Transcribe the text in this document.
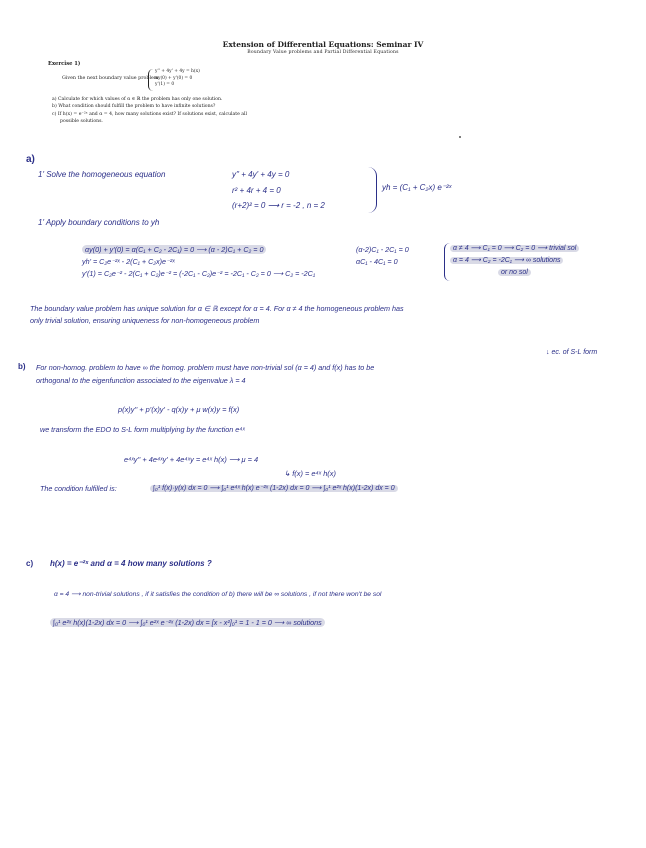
Extension of Differential Equations: Seminar IV
Boundary Value problems and Partial Differential Equations
Exercise 1)
Given the next boundary value problem
y'' + 4y' + 4y = h(x)
αy(0) + y'(0) = 0
y'(1) = 0
a) Calculate for which values of α ∈ ℝ the problem has only one solution.
b) What condition should fulfill the problem to have infinite solutions?
c) If h(x) = e⁻²ˣ and α = 4, how many solutions exist? If solutions exist, calculate all
possible solutions.
a)
1' Solve the homogeneous equation	y'' + 4y' + 4y = 0
r² + 4r + 4 = 0
(r+2)² = 0 ⟶ r = -2 , n = 2
yh = (C₁ + C₂x) e⁻²ˣ
1' Apply boundary conditions to yh
αy(0) + y'(0) = α(C₁ + C₂ - 2C₁) = 0 ⟶ (α - 2)C₁ + C₂ = 0	(α-2)C₁ - 2C₁ = 0
yh' = C₂e⁻²ˣ - 2(C₁ + C₂x)e⁻²ˣ	αC₁ - 4C₁ = 0
y'(1) = C₂e⁻² - 2(C₁ + C₂)e⁻² = (-2C₁ - C₂)e⁻² = -2C₁ - C₂ = 0 ⟶ C₂ = -2C₁
α ≠ 4 ⟶ C₁ = 0 ⟶ C₂ = 0 ⟶ trivial sol
α = 4 ⟶ C₂ = -2C₁ ⟶ ∞ solutions
or no sol
The boundary value problem has unique solution for α ∈ ℝ except for α = 4. For α ≠ 4 the homogeneous problem has
only trivial solution, ensuring uniqueness for non-homogeneous problem
↓ ec. of S-L form
b) For non-homog. problem to have ∞ the homog. problem must have non-trivial sol (α = 4) and f(x) has to be
orthogonal to the eigenfunction associated to the eigenvalue λ = 4
p(x)y'' + p'(x)y' - q(x)y + μ w(x)y = f(x)
we transform the EDO to S-L form multiplying by the function e⁴ˣ
e⁴ˣy'' + 4e⁴ˣy' + 4e⁴ˣy = e⁴ˣ h(x) ⟶ μ = 4
↳ f(x) = e⁴ˣ h(x)
The condition fulfilled is:	∫₀¹ f(x)·y(x) dx = 0 ⟶ ∫₀¹ e⁴ˣ h(x) e⁻²ˣ (1-2x) dx = 0 ⟶ ∫₀¹ e²ˣ h(x)(1-2x) dx = 0
c) h(x) = e⁻²ˣ and α = 4 how many solutions ?
α = 4 ⟶ non-trivial solutions , if it satisfies the condition of b) there will be ∞ solutions , if not there won't be sol
∫₀¹ e²ˣ h(x)(1-2x) dx = 0 ⟶ ∫₀¹ e²ˣ e⁻²ˣ (1-2x) dx = [x - x²]₀¹ = 1 - 1 = 0 ⟶ ∞ solutions
